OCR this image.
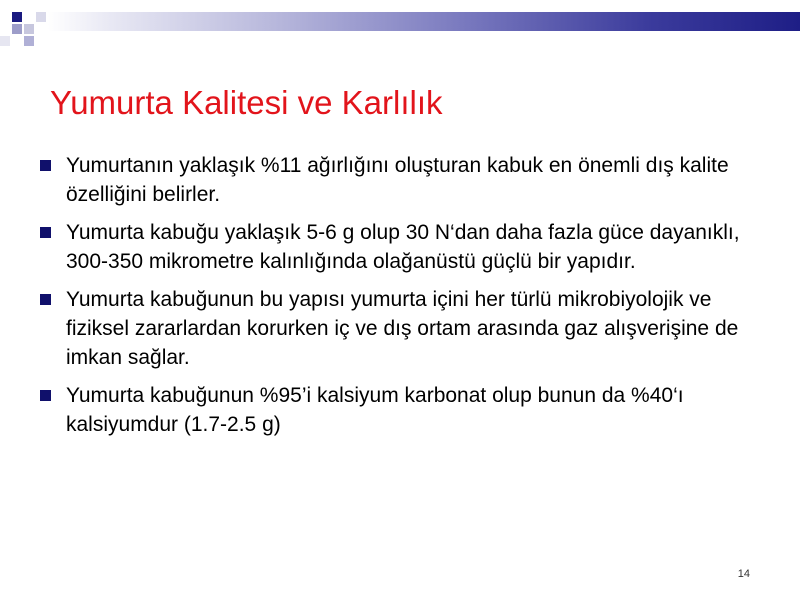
Yumurta Kalitesi ve Karlılık
Yumurtanın yaklaşık %11 ağırlığını oluşturan kabuk en önemli dış kalite özelliğini belirler.
Yumurta kabuğu yaklaşık 5-6 g olup 30 N‘dan daha fazla güce dayanıklı, 300-350 mikrometre kalınlığında olağanüstü güçlü bir yapıdır.
Yumurta kabuğunun bu yapısı yumurta içini her türlü mikrobiyolojik ve fiziksel zararlardan korurken iç ve dış ortam arasında gaz alışverişine de imkan sağlar.
Yumurta kabuğunun %95’i kalsiyum karbonat olup bunun da %40‘ı kalsiyumdur (1.7-2.5 g)
14
